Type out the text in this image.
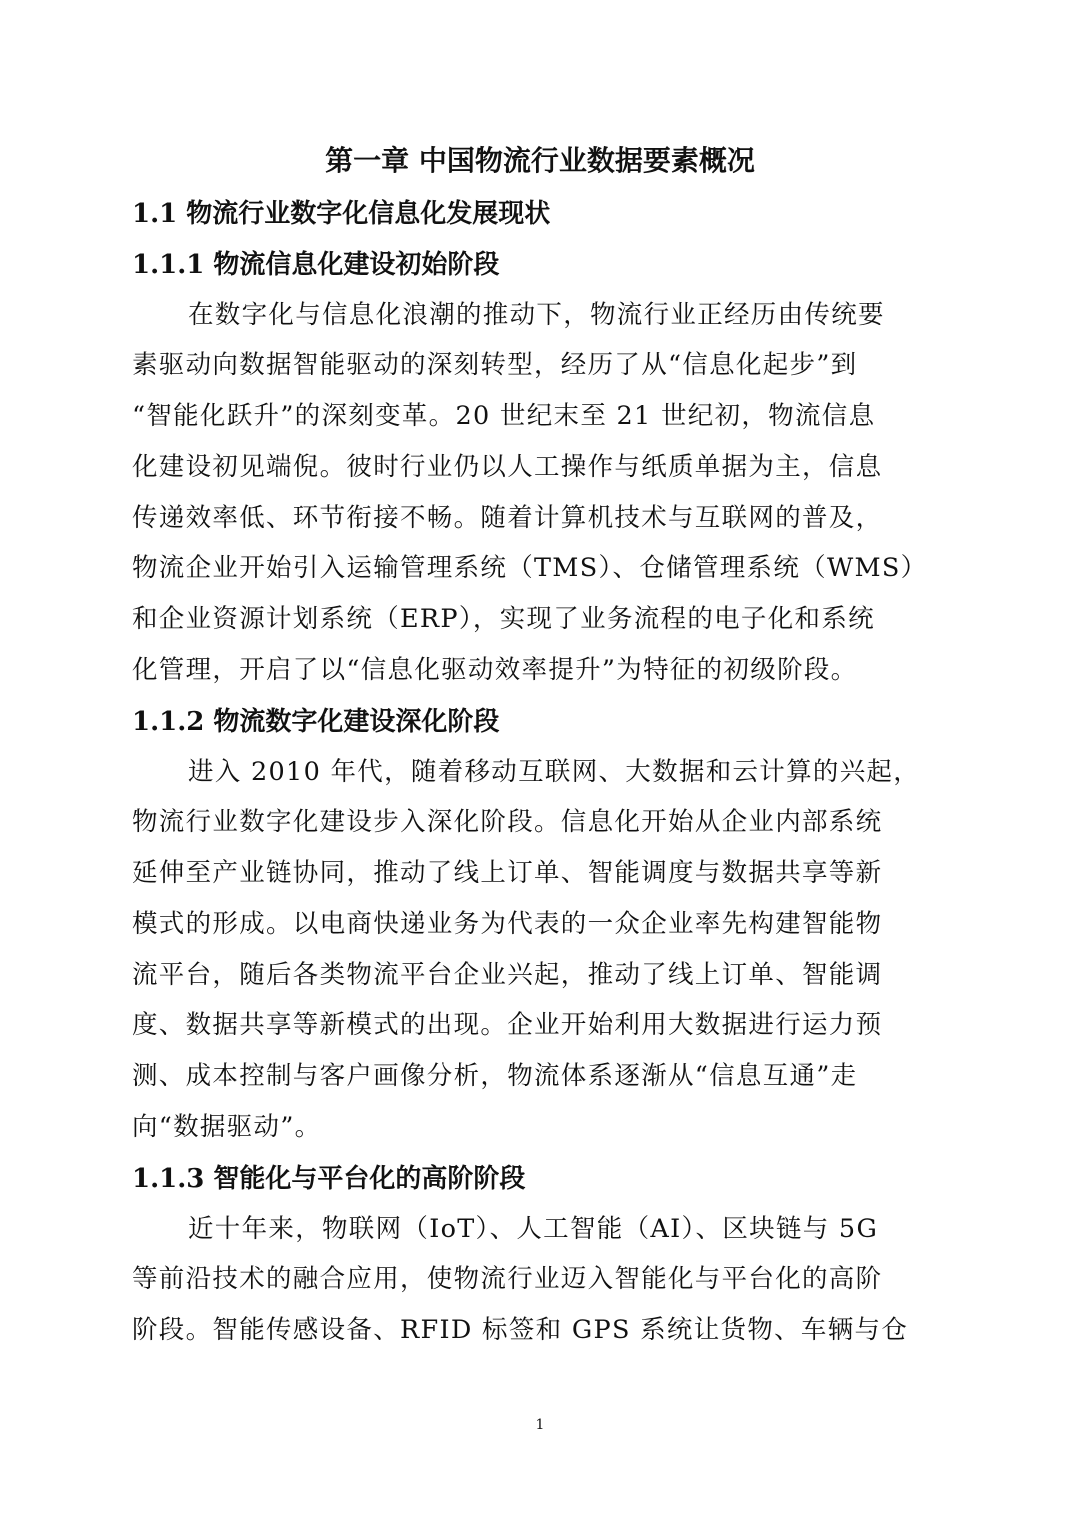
第一章 中国物流行业数据要素概况
1.1 物流行业数字化信息化发展现状
1.1.1 物流信息化建设初始阶段

在数字化与信息化浪潮的推动下，物流行业正经历由传统要

素驱动向数据智能驱动的深刻转型，经历了从“信息化起步”到

“智能化跃升”的深刻变革。20 世纪末至 21 世纪初，物流信息

化建设初见端倪。彼时行业仍以人工操作与纸质单据为主，信息

传递效率低、环节衔接不畅。随着计算机技术与互联网的普及，

物流企业开始引入运输管理系统（TMS）、仓储管理系统（WMS）

和企业资源计划系统（ERP），实现了业务流程的电子化和系统

化管理，开启了以“信息化驱动效率提升”为特征的初级阶段。

1.1.2 物流数字化建设深化阶段

进入 2010 年代，随着移动互联网、大数据和云计算的兴起，

物流行业数字化建设步入深化阶段。信息化开始从企业内部系统

延伸至产业链协同，推动了线上订单、智能调度与数据共享等新

模式的形成。以电商快递业务为代表的一众企业率先构建智能物

流平台，随后各类物流平台企业兴起，推动了线上订单、智能调

度、数据共享等新模式的出现。企业开始利用大数据进行运力预

测、成本控制与客户画像分析，物流体系逐渐从“信息互通”走

向“数据驱动”。

1.1.3 智能化与平台化的高阶阶段

近十年来，物联网（IoT）、人工智能（AI）、区块链与 5G

等前沿技术的融合应用，使物流行业迈入智能化与平台化的高阶

阶段。智能传感设备、RFID 标签和 GPS 系统让货物、车辆与仓

1
